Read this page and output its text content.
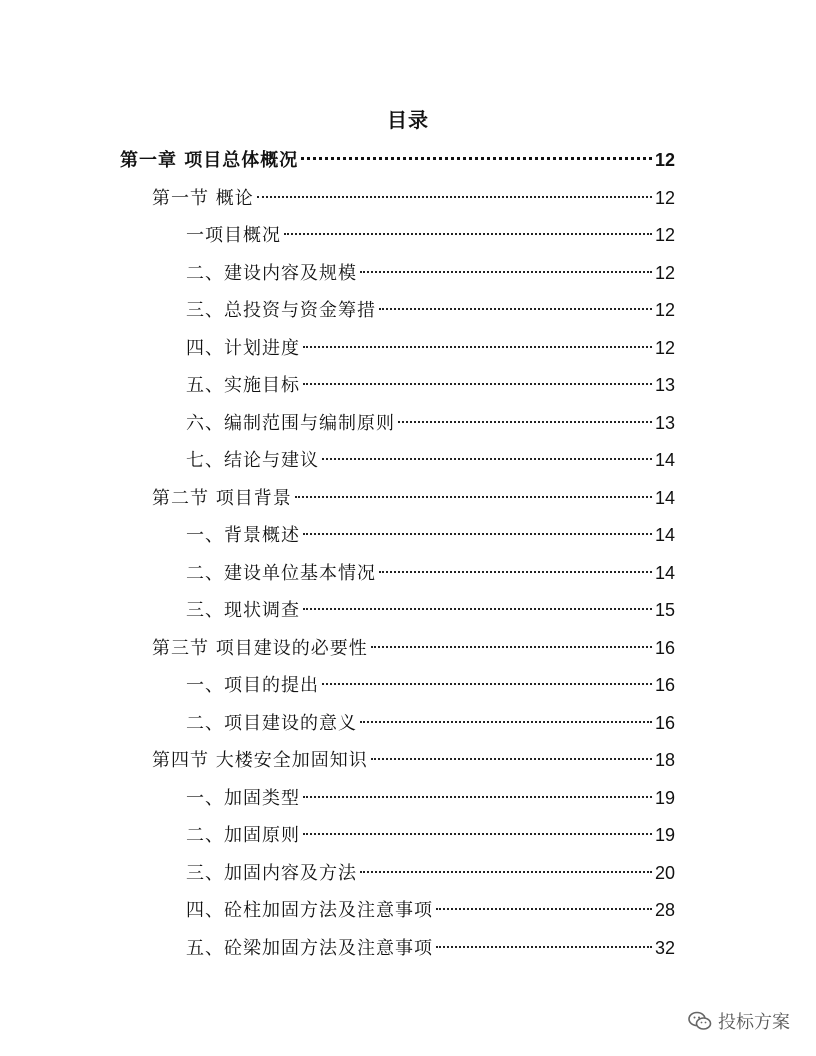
目录
第一章 项目总体概况	12
第一节 概论	12
一项目概况	12
二、建设内容及规模	12
三、总投资与资金筹措	12
四、计划进度	12
五、实施目标	13
六、编制范围与编制原则	13
七、结论与建议	14
第二节 项目背景	14
一、背景概述	14
二、建设单位基本情况	14
三、现状调查	15
第三节 项目建设的必要性	16
一、项目的提出	16
二、项目建设的意义	16
第四节 大楼安全加固知识	18
一、加固类型	19
二、加固原则	19
三、加固内容及方法	20
四、砼柱加固方法及注意事项	28
五、砼梁加固方法及注意事项	32
投标方案
